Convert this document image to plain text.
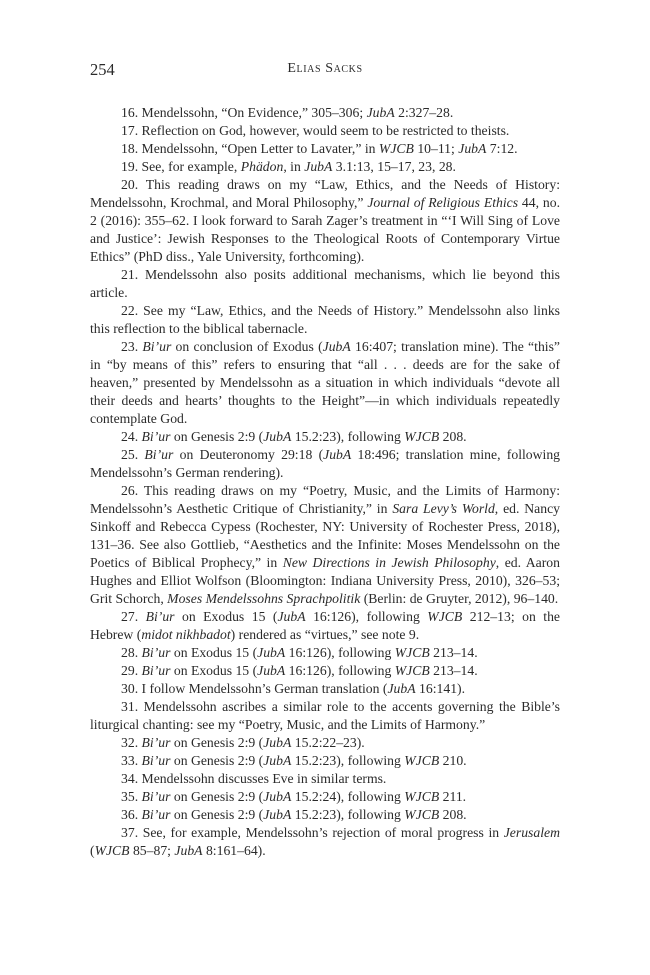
254	Elias Sacks

16. Mendelssohn, “On Evidence,” 305–306; JubA 2:327–28.

17. Reflection on God, however, would seem to be restricted to theists.

18. Mendelssohn, “Open Letter to Lavater,” in WJCB 10–11; JubA 7:12.

19. See, for example, Phädon, in JubA 3.1:13, 15–17, 23, 28.

20. This reading draws on my “Law, Ethics, and the Needs of History: Mendelssohn, Krochmal, and Moral Philosophy,” Journal of Religious Ethics 44, no. 2 (2016): 355–62. I look forward to Sarah Zager’s treatment in “‘I Will Sing of Love and Justice’: Jewish Responses to the Theological Roots of Contemporary Virtue Ethics” (PhD diss., Yale University, forthcoming).

21. Mendelssohn also posits additional mechanisms, which lie beyond this article.

22. See my “Law, Ethics, and the Needs of History.” Mendelssohn also links this reflection to the biblical tabernacle.

23. Bi’ur on conclusion of Exodus (JubA 16:407; translation mine). The “this” in “by means of this” refers to ensuring that “all . . . deeds are for the sake of heaven,” presented by Mendelssohn as a situation in which individuals “devote all their deeds and hearts’ thoughts to the Height”—in which individuals repeatedly contemplate God.

24. Bi’ur on Genesis 2:9 (JubA 15.2:23), following WJCB 208.

25. Bi’ur on Deuteronomy 29:18 (JubA 18:496; translation mine, following Mendelssohn’s German rendering).

26. This reading draws on my “Poetry, Music, and the Limits of Harmony: Mendelssohn’s Aesthetic Critique of Christianity,” in Sara Levy’s World, ed. Nancy Sinkoff and Rebecca Cypess (Rochester, NY: University of Rochester Press, 2018), 131–36. See also Gottlieb, “Aesthetics and the Infinite: Moses Mendelssohn on the Poetics of Biblical Prophecy,” in New Directions in Jewish Philosophy, ed. Aaron Hughes and Elliot Wolfson (Bloomington: Indiana University Press, 2010), 326–53; Grit Schorch, Moses Mendelssohns Sprachpolitik (Berlin: de Gruyter, 2012), 96–140.

27. Bi’ur on Exodus 15 (JubA 16:126), following WJCB 212–13; on the Hebrew (midot nikhbadot) rendered as “virtues,” see note 9.

28. Bi’ur on Exodus 15 (JubA 16:126), following WJCB 213–14.

29. Bi’ur on Exodus 15 (JubA 16:126), following WJCB 213–14.

30. I follow Mendelssohn’s German translation (JubA 16:141).

31. Mendelssohn ascribes a similar role to the accents governing the Bible’s liturgical chanting: see my “Poetry, Music, and the Limits of Harmony.”

32. Bi’ur on Genesis 2:9 (JubA 15.2:22–23).

33. Bi’ur on Genesis 2:9 (JubA 15.2:23), following WJCB 210.

34. Mendelssohn discusses Eve in similar terms.

35. Bi’ur on Genesis 2:9 (JubA 15.2:24), following WJCB 211.

36. Bi’ur on Genesis 2:9 (JubA 15.2:23), following WJCB 208.

37. See, for example, Mendelssohn’s rejection of moral progress in Jerusalem (WJCB 85–87; JubA 8:161–64).
